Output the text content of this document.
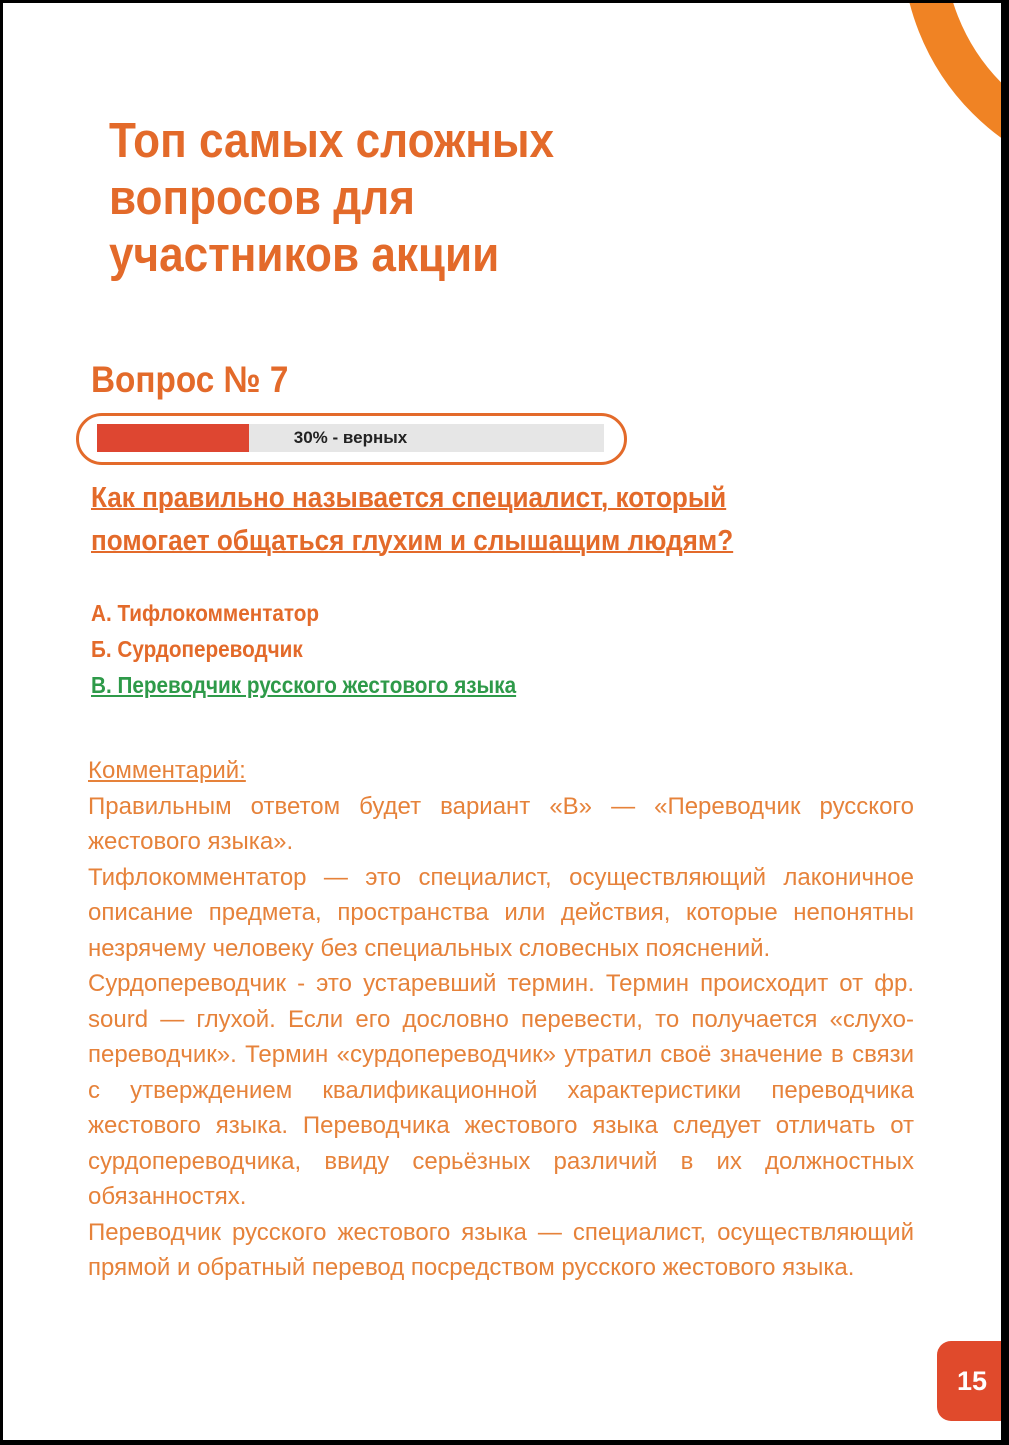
Топ самых сложных
вопросов для
участников акции
Вопрос № 7
30% - верных
Как правильно называется специалист, который
помогает общаться глухим и слышащим людям?
А. Тифлокомментатор
Б. Сурдопереводчик
В. Переводчик русского жестового языка
Комментарий:

Правильным ответом будет вариант «В» — «Переводчик русского жестового языка».

Тифлокомментатор — это специалист, осуществляющий лаконичное описание предмета, пространства или действия, которые непонятны незрячему человеку без специальных словесных пояснений.

Сурдопереводчик - это устаревший термин. Термин происходит от фр. sourd — глухой. Если его дословно перевести, то получается «слухо-переводчик». Термин «сурдопереводчик» утратил своё значение в связи с утверждением квалификационной характеристики переводчика жестового языка. Переводчика жестового языка следует отличать от сурдопереводчика, ввиду серьёзных различий в их должностных обязанностях.

Переводчик русского жестового языка — специалист, осуществляющий прямой и обратный перевод посредством русского жестового языка.

15
